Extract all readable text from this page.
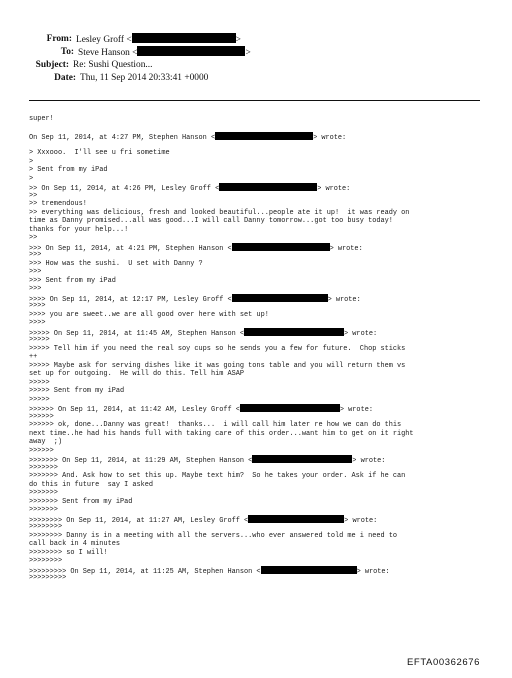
From: Lesley Groff <	>
To: Steve Hanson <	>
Subject: Re: Sushi Question...
Date: Thu, 11 Sep 2014 20:33:41 +0000
super!
On Sep 11, 2014, at 4:27 PM, Stephen Hanson <	> wrote:
> Xxxooo.  I'll see u fri sometime
>
> Sent from my iPad
>
>> On Sep 11, 2014, at 4:26 PM, Lesley Groff <	> wrote:
>>
>> tremendous!
>> everything was delicious, fresh and looked beautiful...people ate it up!  it was ready on
time as Danny promised...all was good...I will call Danny tomorrow...got too busy today!
thanks for your help...!
>>
>>> On Sep 11, 2014, at 4:21 PM, Stephen Hanson <	> wrote:
>>>
>>> How was the sushi.  U set with Danny ?
>>>
>>> Sent from my iPad
>>>
>>>> On Sep 11, 2014, at 12:17 PM, Lesley Groff <	> wrote:
>>>>
>>>> you are sweet..we are all good over here with set up!
>>>>
>>>>> On Sep 11, 2014, at 11:45 AM, Stephen Hanson <	> wrote:
>>>>>
>>>>> Tell him if you need the real soy cups so he sends you a few for future.  Chop sticks
++
>>>>> Maybe ask for serving dishes like it was going tons table and you will return them vs
set up for outgoing.  He will do this. Tell him ASAP
>>>>>
>>>>> Sent from my iPad
>>>>>
>>>>>> On Sep 11, 2014, at 11:42 AM, Lesley Groff <	> wrote:
>>>>>>
>>>>>> ok, done...Danny was great!  thanks...  i will call him later re how we can do this
next time..he had his hands full with taking care of this order...want him to get on it right
away  ;)
>>>>>>
>>>>>>> On Sep 11, 2014, at 11:29 AM, Stephen Hanson <	> wrote:
>>>>>>>
>>>>>>> And. Ask how to set this up. Maybe text him?  So he takes your order. Ask if he can
do this in future  say I asked
>>>>>>>
>>>>>>> Sent from my iPad
>>>>>>>
>>>>>>>> On Sep 11, 2014, at 11:27 AM, Lesley Groff <	> wrote:
>>>>>>>>
>>>>>>>> Danny is in a meeting with all the servers...who ever answered told me i need to
call back in 4 minutes
>>>>>>>> so I will!
>>>>>>>>
>>>>>>>>> On Sep 11, 2014, at 11:25 AM, Stephen Hanson <	> wrote:
>>>>>>>>>
EFTA00362676
